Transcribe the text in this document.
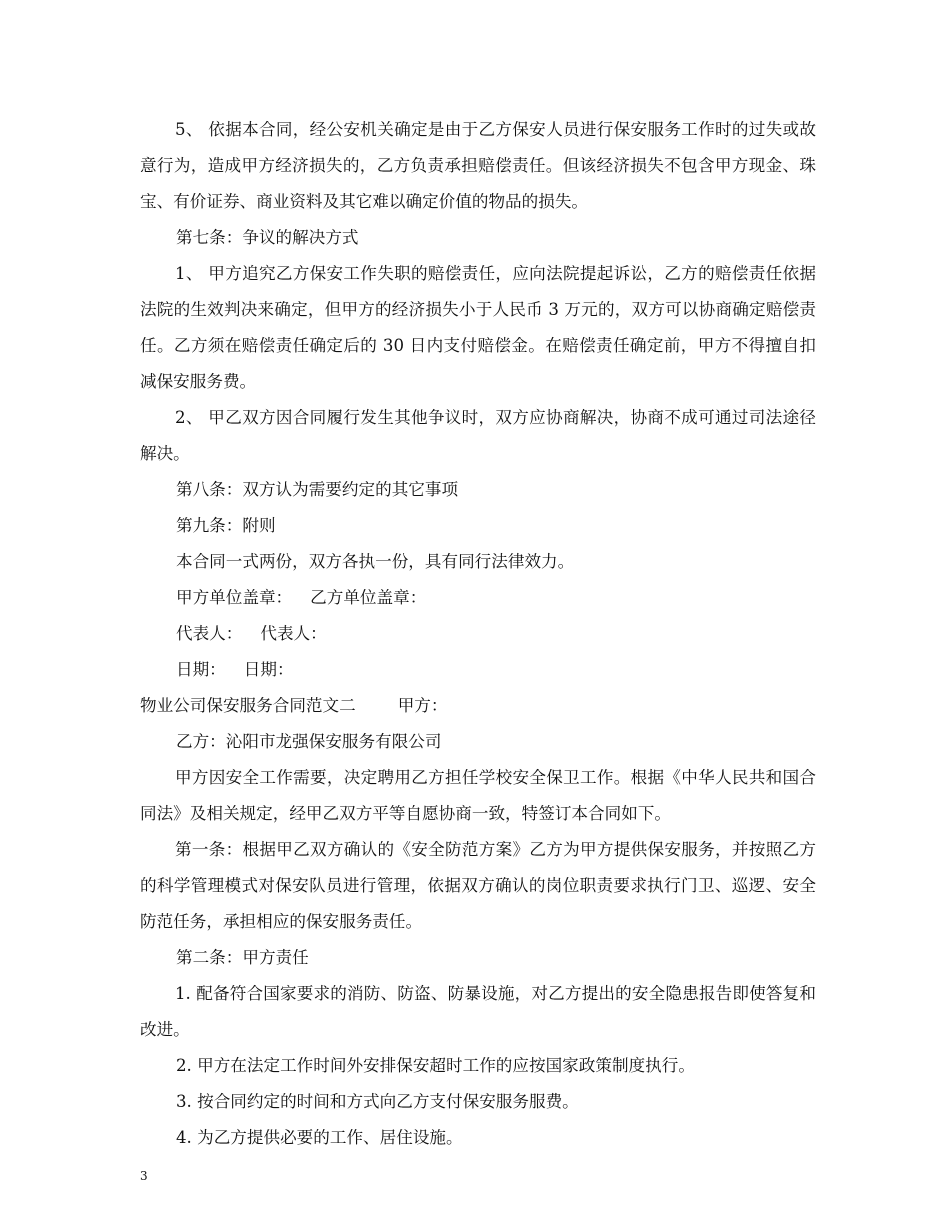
5、 依据本合同，经公安机关确定是由于乙方保安人员进行保安服务工作时的过失或故意行为，造成甲方经济损失的，乙方负责承担赔偿责任。但该经济损失不包含甲方现金、珠宝、有价证券、商业资料及其它难以确定价值的物品的损失。

第七条：争议的解决方式

1、 甲方追究乙方保安工作失职的赔偿责任，应向法院提起诉讼，乙方的赔偿责任依据法院的生效判决来确定，但甲方的经济损失小于人民币 3 万元的，双方可以协商确定赔偿责任。乙方须在赔偿责任确定后的 30 日内支付赔偿金。在赔偿责任确定前，甲方不得擅自扣减保安服务费。

2、 甲乙双方因合同履行发生其他争议时，双方应协商解决，协商不成可通过司法途径解决。

第八条：双方认为需要约定的其它事项

第九条：附则

本合同一式两份，双方各执一份，具有同行法律效力。

甲方单位盖章： 乙方单位盖章：

代表人： 代表人：

日期： 日期：

物业公司保安服务合同范文二	甲方：

乙方：沁阳市龙强保安服务有限公司

甲方因安全工作需要，决定聘用乙方担任学校安全保卫工作。根据《中华人民共和国合同法》及相关规定，经甲乙双方平等自愿协商一致，特签订本合同如下。

第一条：根据甲乙双方确认的《安全防范方案》乙方为甲方提供保安服务，并按照乙方的科学管理模式对保安队员进行管理，依据双方确认的岗位职责要求执行门卫、巡逻、安全防范任务，承担相应的保安服务责任。

第二条：甲方责任

1. 配备符合国家要求的消防、防盗、防暴设施，对乙方提出的安全隐患报告即使答复和改进。

2. 甲方在法定工作时间外安排保安超时工作的应按国家政策制度执行。

3. 按合同约定的时间和方式向乙方支付保安服务服费。

4. 为乙方提供必要的工作、居住设施。

3
